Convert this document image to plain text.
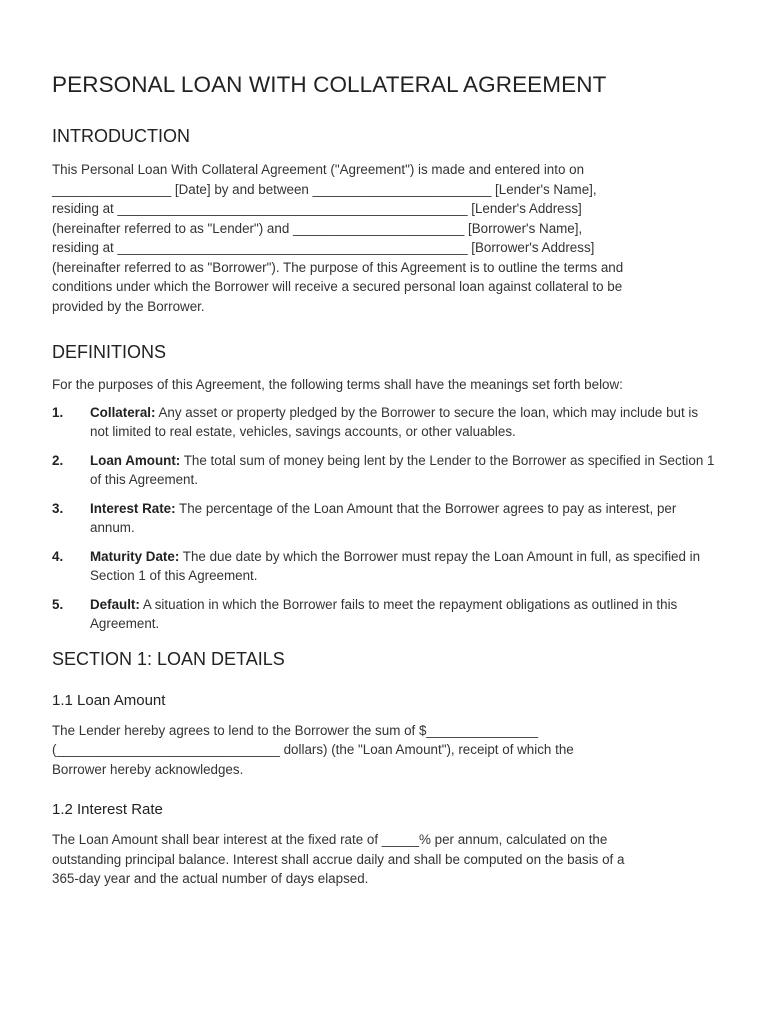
PERSONAL LOAN WITH COLLATERAL AGREEMENT
INTRODUCTION

This Personal Loan With Collateral Agreement ("Agreement") is made and entered into on
________________ [Date] by and between ________________________ [Lender's Name],
residing at _______________________________________________ [Lender's Address]
(hereinafter referred to as "Lender") and _______________________ [Borrower's Name],
residing at _______________________________________________ [Borrower's Address]
(hereinafter referred to as "Borrower"). The purpose of this Agreement is to outline the terms and
conditions under which the Borrower will receive a secured personal loan against collateral to be
provided by the Borrower.

DEFINITIONS

For the purposes of this Agreement, the following terms shall have the meanings set forth below:

1.	Collateral: Any asset or property pledged by the Borrower to secure the loan, which may include but is not limited to real estate, vehicles, savings accounts, or other valuables.
2.	Loan Amount: The total sum of money being lent by the Lender to the Borrower as specified in Section 1 of this Agreement.
3.	Interest Rate: The percentage of the Loan Amount that the Borrower agrees to pay as interest, per annum.
4.	Maturity Date: The due date by which the Borrower must repay the Loan Amount in full, as specified in Section 1 of this Agreement.
5.	Default: A situation in which the Borrower fails to meet the repayment obligations as outlined in this Agreement.
SECTION 1: LOAN DETAILS
1.1 Loan Amount

The Lender hereby agrees to lend to the Borrower the sum of $_______________
(______________________________ dollars) (the "Loan Amount"), receipt of which the
Borrower hereby acknowledges.

1.2 Interest Rate

The Loan Amount shall bear interest at the fixed rate of _____% per annum, calculated on the
outstanding principal balance. Interest shall accrue daily and shall be computed on the basis of a
365-day year and the actual number of days elapsed.
